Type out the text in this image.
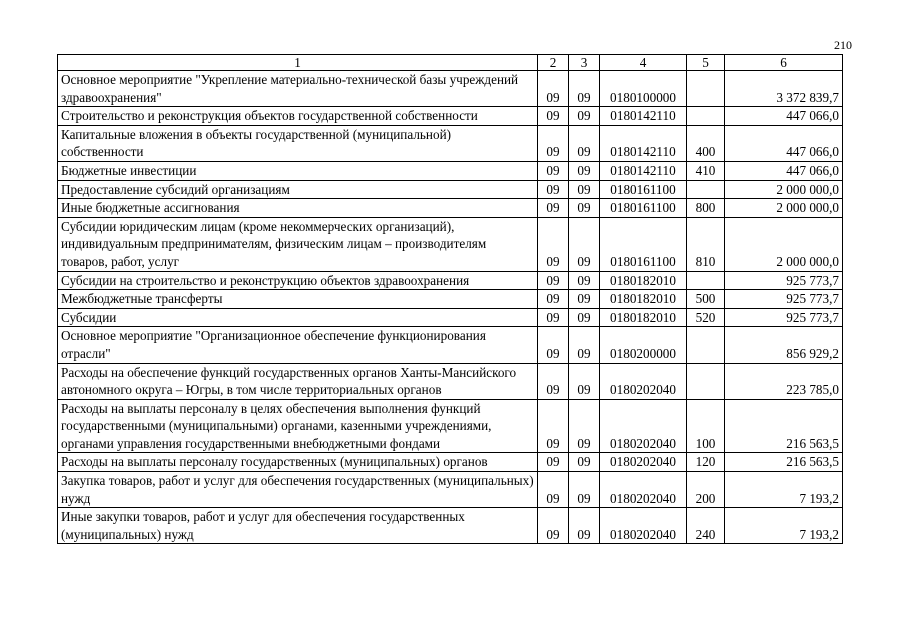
210
1	2	3	4	5	6
Основное мероприятие "Укрепление материально-технической базы учреждений здравоохранения"	09	09	0180100000		3 372 839,7
Строительство и реконструкция объектов государственной собственности	09	09	0180142110		447 066,0
Капитальные вложения в объекты государственной (муниципальной) собственности	09	09	0180142110	400	447 066,0
Бюджетные инвестиции	09	09	0180142110	410	447 066,0
Предоставление субсидий организациям	09	09	0180161100		2 000 000,0
Иные бюджетные ассигнования	09	09	0180161100	800	2 000 000,0
Субсидии юридическим лицам (кроме некоммерческих организаций), индивидуальным предпринимателям, физическим лицам – производителям товаров, работ, услуг	09	09	0180161100	810	2 000 000,0
Субсидии на строительство и реконструкцию объектов здравоохранения	09	09	0180182010		925 773,7
Межбюджетные трансферты	09	09	0180182010	500	925 773,7
Субсидии	09	09	0180182010	520	925 773,7
Основное мероприятие "Организационное обеспечение функционирования отрасли"	09	09	0180200000		856 929,2
Расходы на обеспечение функций государственных органов Ханты-Мансийского автономного округа – Югры, в том числе территориальных органов	09	09	0180202040		223 785,0
Расходы на выплаты персоналу в целях обеспечения выполнения функций государственными (муниципальными) органами, казенными учреждениями, органами управления государственными внебюджетными фондами	09	09	0180202040	100	216 563,5
Расходы на выплаты персоналу государственных (муниципальных) органов	09	09	0180202040	120	216 563,5
Закупка товаров, работ и услуг для обеспечения государственных (муниципальных) нужд	09	09	0180202040	200	7 193,2
Иные закупки товаров, работ и услуг для обеспечения государственных (муниципальных) нужд	09	09	0180202040	240	7 193,2
